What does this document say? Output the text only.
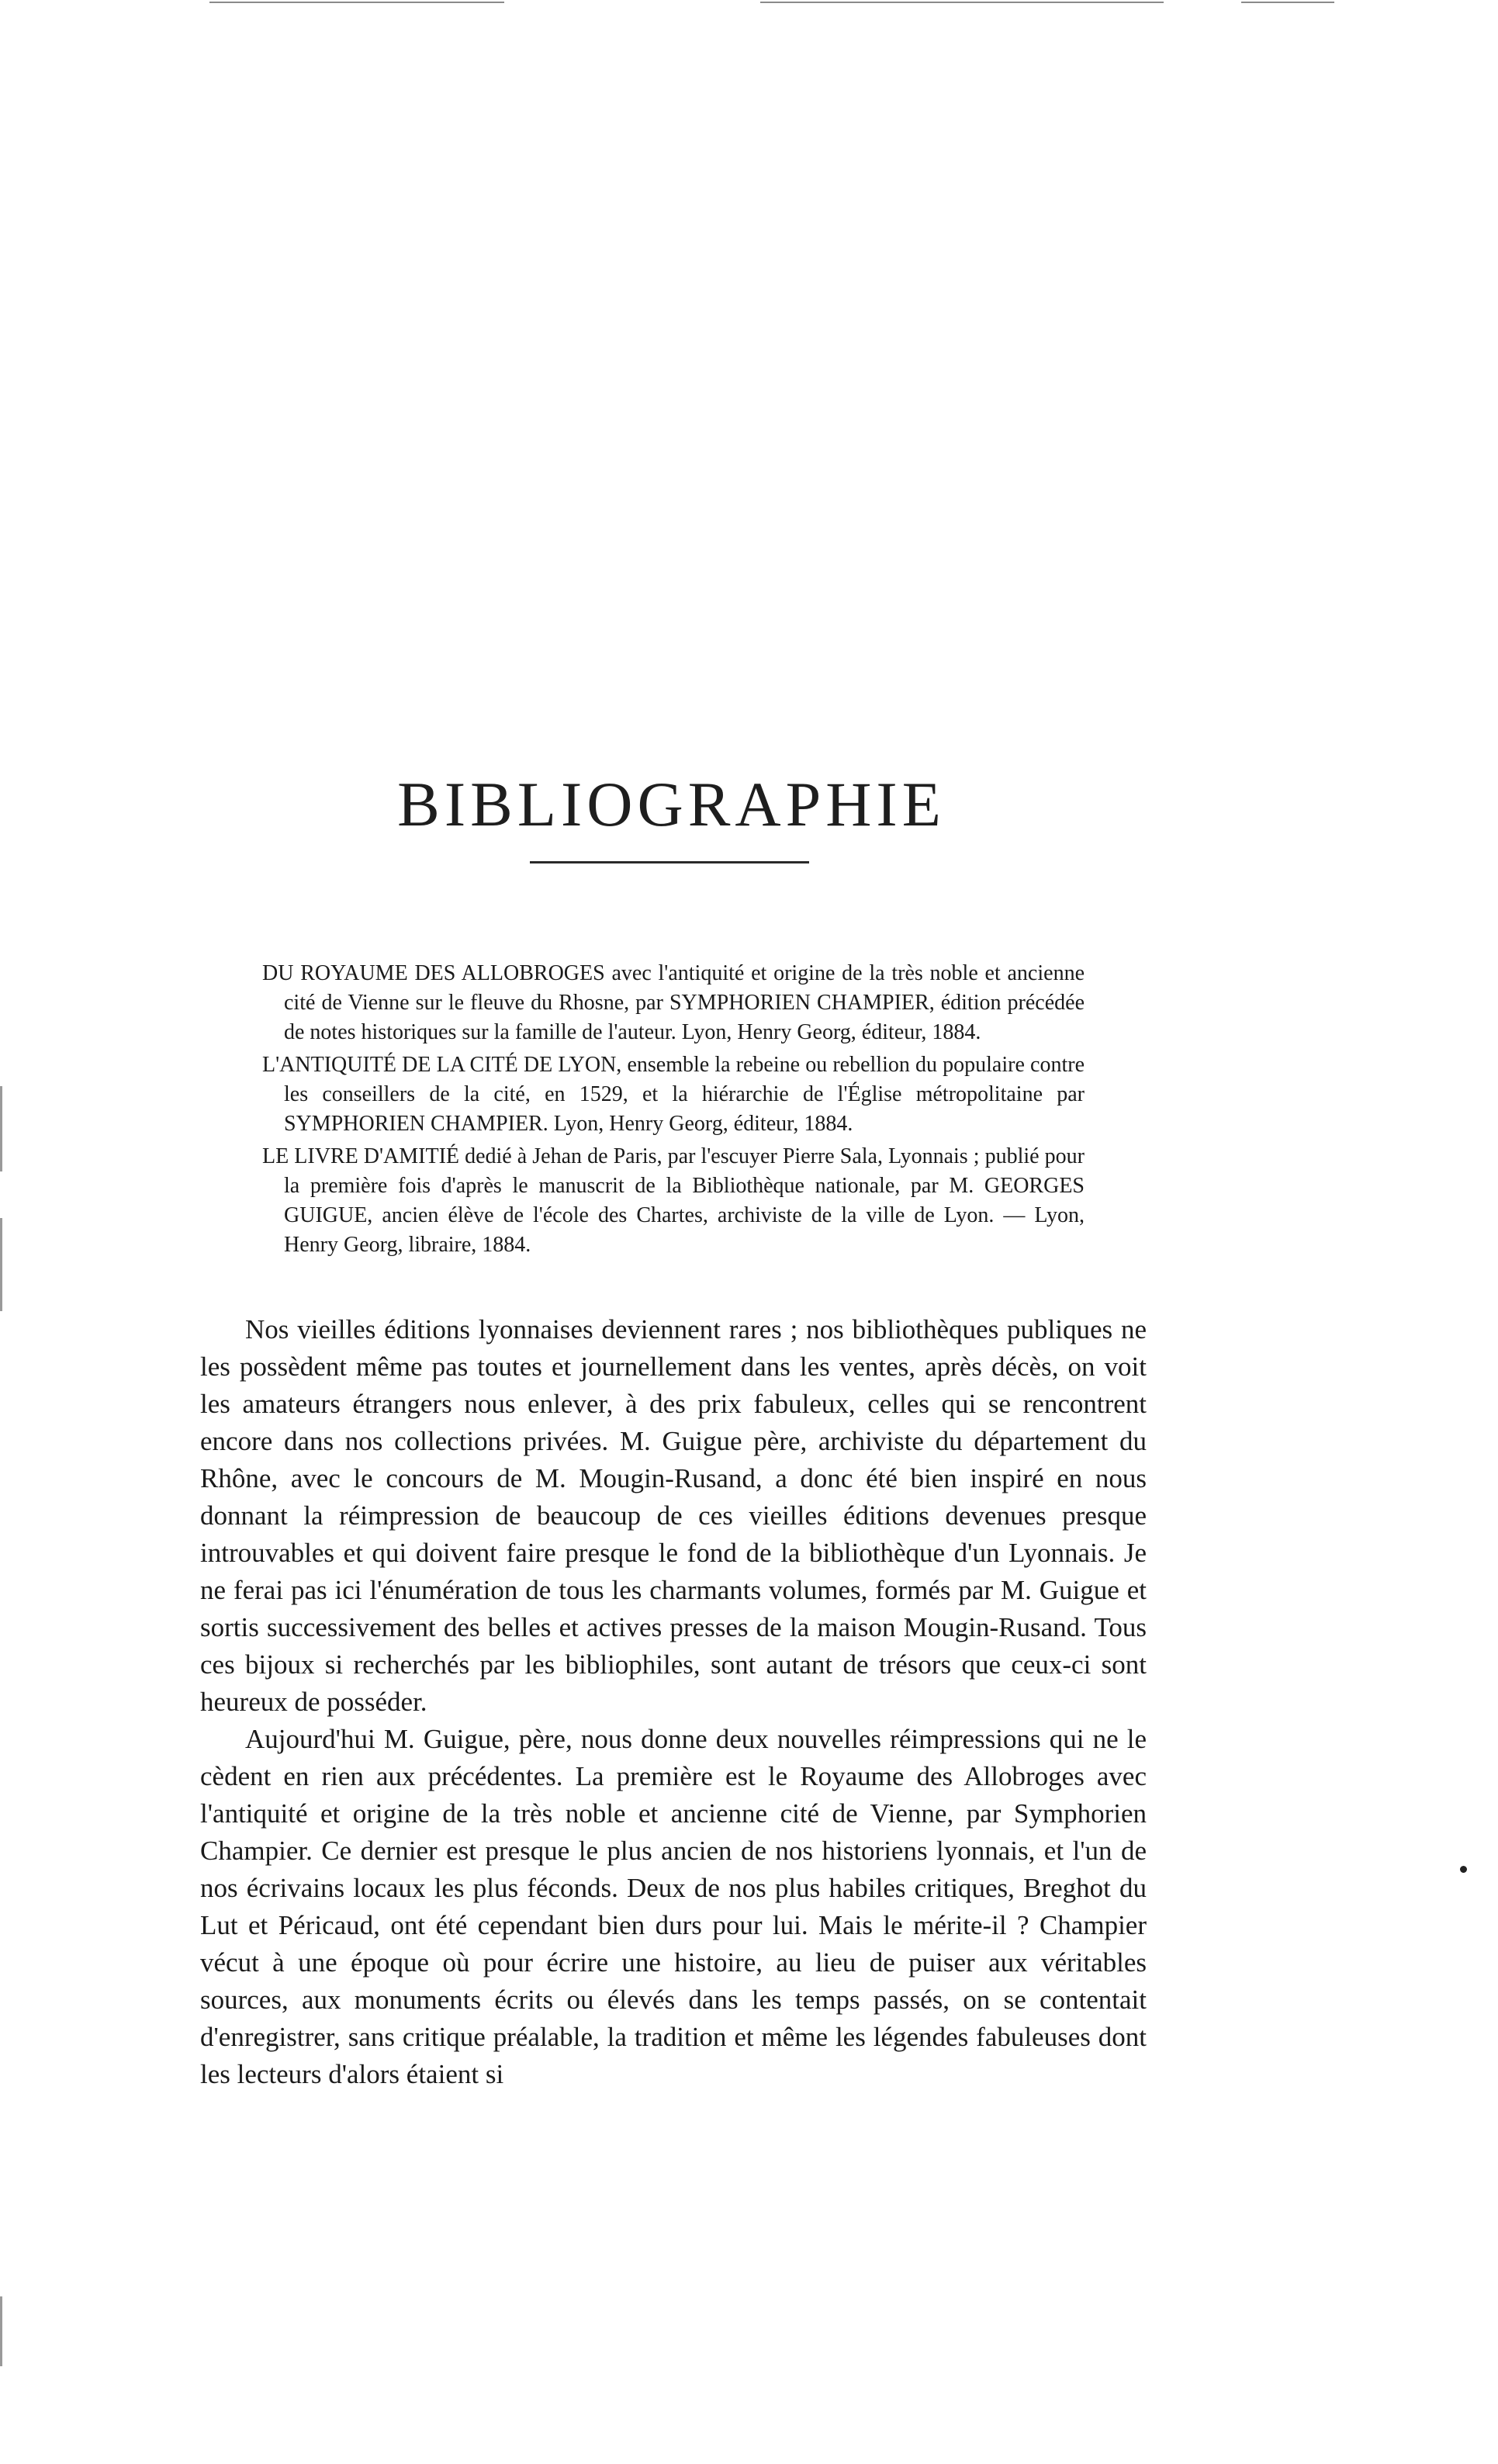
BIBLIOGRAPHIE

DU ROYAUME DES ALLOBROGES avec l'antiquité et origine de la très noble et ancienne cité de Vienne sur le fleuve du Rhosne, par SYMPHORIEN CHAMPIER, édition précédée de notes historiques sur la famille de l'auteur. Lyon, Henry Georg, éditeur, 1884.

L'ANTIQUITÉ DE LA CITÉ DE LYON, ensemble la rebeine ou rebellion du populaire contre les conseillers de la cité, en 1529, et la hiérarchie de l'Église métropolitaine par SYMPHORIEN CHAMPIER. Lyon, Henry Georg, éditeur, 1884.

LE LIVRE D'AMITIÉ dedié à Jehan de Paris, par l'escuyer Pierre Sala, Lyonnais ; publié pour la première fois d'après le manuscrit de la Bibliothèque nationale, par M. GEORGES GUIGUE, ancien élève de l'école des Chartes, archiviste de la ville de Lyon. — Lyon, Henry Georg, libraire, 1884.

Nos vieilles éditions lyonnaises deviennent rares ; nos bibliothèques publiques ne les possèdent même pas toutes et journellement dans les ventes, après décès, on voit les amateurs étrangers nous enlever, à des prix fabuleux, celles qui se rencontrent encore dans nos collections privées. M. Guigue père, archiviste du département du Rhône, avec le concours de M. Mougin-Rusand, a donc été bien inspiré en nous donnant la réimpression de beaucoup de ces vieilles éditions devenues presque introuvables et qui doivent faire presque le fond de la bibliothèque d'un Lyonnais. Je ne ferai pas ici l'énumération de tous les charmants volumes, formés par M. Guigue et sortis successivement des belles et actives presses de la maison Mougin-Rusand. Tous ces bijoux si recherchés par les bibliophiles, sont autant de trésors que ceux-ci sont heureux de posséder.

Aujourd'hui M. Guigue, père, nous donne deux nouvelles réimpressions qui ne le cèdent en rien aux précédentes. La première est le Royaume des Allobroges avec l'antiquité et origine de la très noble et ancienne cité de Vienne, par Symphorien Champier. Ce dernier est presque le plus ancien de nos historiens lyonnais, et l'un de nos écrivains locaux les plus féconds. Deux de nos plus habiles critiques, Breghot du Lut et Péricaud, ont été cependant bien durs pour lui. Mais le mérite-il ? Champier vécut à une époque où pour écrire une histoire, au lieu de puiser aux véritables sources, aux monuments écrits ou élevés dans les temps passés, on se contentait d'enregistrer, sans critique préalable, la tradition et même les légendes fabuleuses dont les lecteurs d'alors étaient si
